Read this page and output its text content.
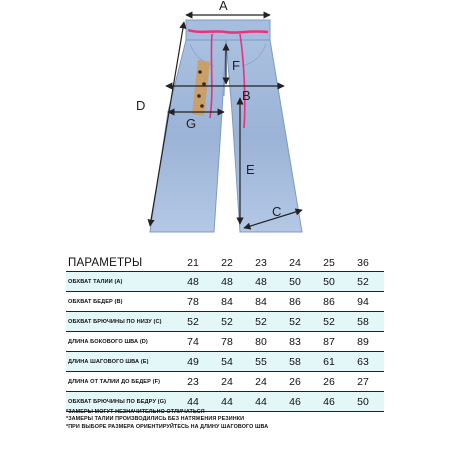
A
F
B
G
D
E
C
ПАРАМЕТРЫ	21	22	23	24	25	36
ОБХВАТ ТАЛИИ (A)	48	48	48	50	50	52
ОБХВАТ БЕДЕР (B)	78	84	84	86	86	94
ОБХВАТ БРЮЧИНЫ ПО НИЗУ (C)	52	52	52	52	52	58
ДЛИНА БОКОВОГО ШВА (D)	74	78	80	83	87	89
ДЛИНА ШАГОВОГО ШВА (E)	49	54	55	58	61	63
ДЛИНА ОТ ТАЛИИ ДО БЕДЕР (F)	23	24	24	26	26	27
ОБХВАТ БРЮЧИНЫ ПО БЕДРУ (G)	44	44	44	46	46	50
*ЗАМЕРЫ МОГУТ НЕЗНАЧИТЕЛЬНО ОТЛИЧАТЬСЯ
*ЗАМЕРЫ ТАЛИИ ПРОИЗВОДИЛИСЬ БЕЗ НАТЯЖЕНИЯ РЕЗИНКИ
*ПРИ ВЫБОРЕ РАЗМЕРА ОРИЕНТИРУЙТЕСЬ НА ДЛИНУ ШАГОВОГО ШВА
